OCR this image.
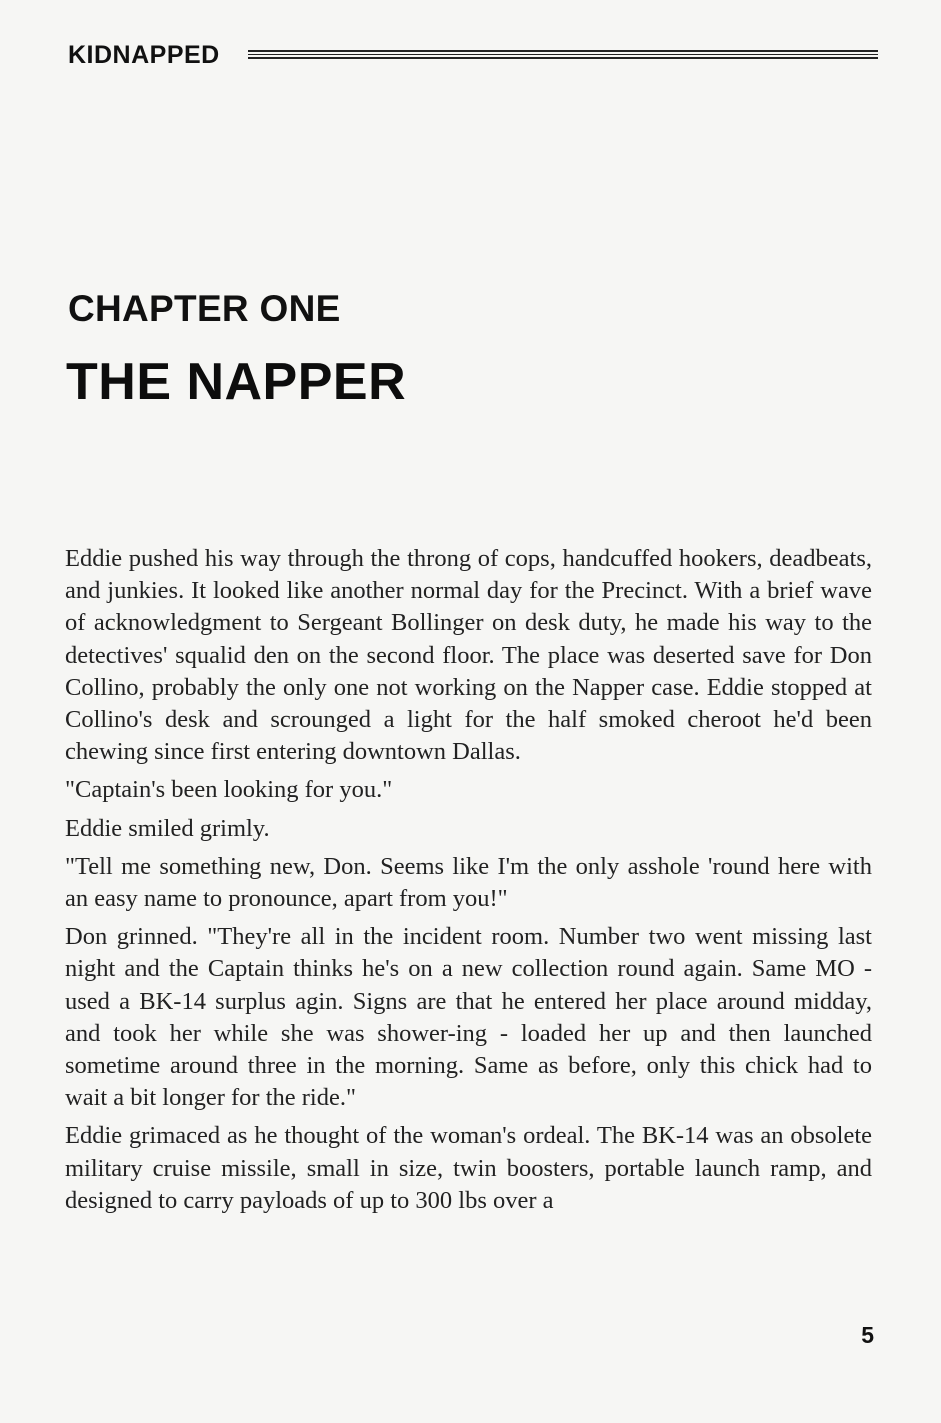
KIDNAPPED
CHAPTER ONE
THE NAPPER

Eddie pushed his way through the throng of cops, handcuffed hookers, deadbeats, and junkies. It looked like another normal day for the Precinct. With a brief wave of acknowledgment to Sergeant Bollinger on desk duty, he made his way to the detectives' squalid den on the second floor. The place was deserted save for Don Collino, probably the only one not working on the Napper case. Eddie stopped at Collino's desk and scrounged a light for the half smoked cheroot he'd been chewing since first entering downtown Dallas.

"Captain's been looking for you."

Eddie smiled grimly.

"Tell me something new, Don. Seems like I'm the only asshole 'round here with an easy name to pronounce, apart from you!"

Don grinned. "They're all in the incident room. Number two went missing last night and the Captain thinks he's on a new collection round again. Same MO - used a BK-14 surplus agin. Signs are that he entered her place around midday, and took her while she was shower-ing - loaded her up and then launched sometime around three in the morning. Same as before, only this chick had to wait a bit longer for the ride."

Eddie grimaced as he thought of the woman's ordeal. The BK-14 was an obsolete military cruise missile, small in size, twin boosters, portable launch ramp, and designed to carry payloads of up to 300 lbs over a

5
